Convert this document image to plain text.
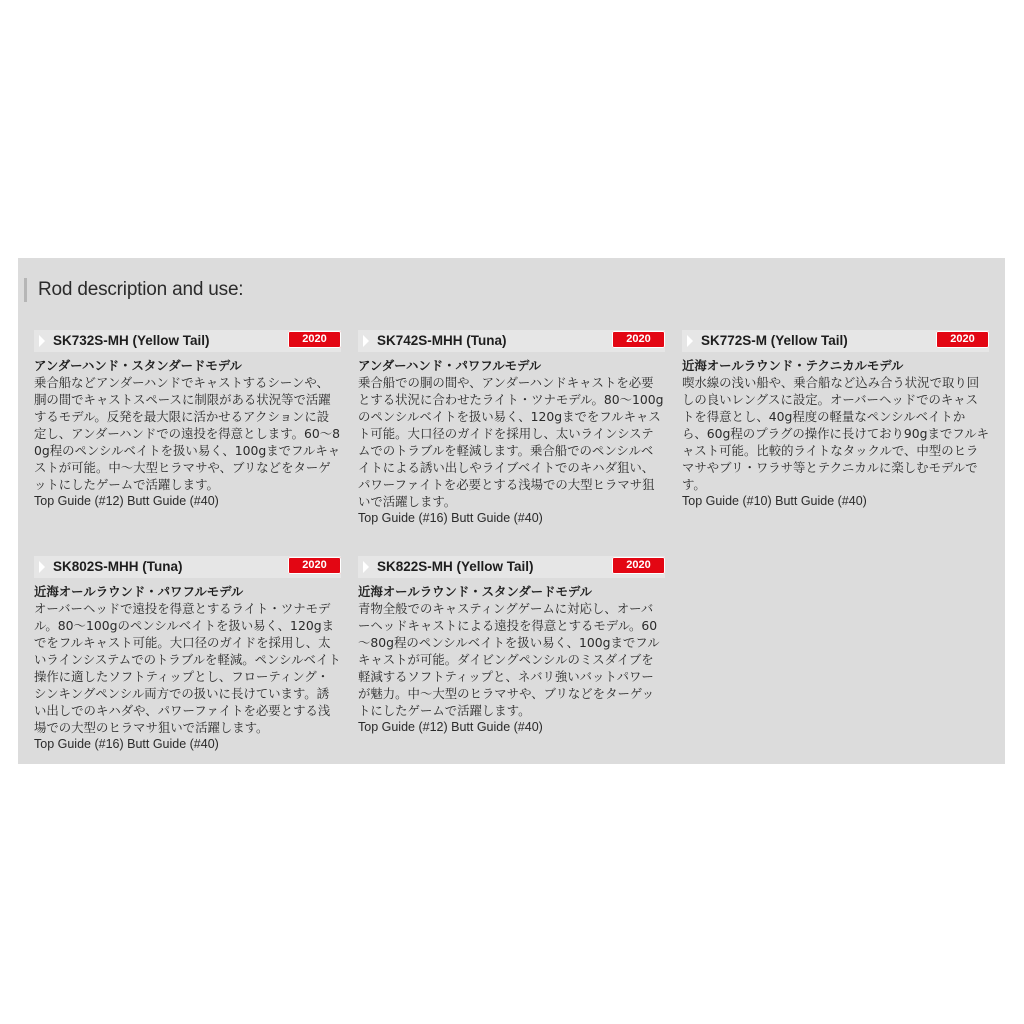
Rod description and use:
SK732S-MH (Yellow Tail)	2020
アンダーハンド・スタンダードモデル
乗合船などアンダーハンドでキャストするシーンや、胴の間でキャストスペースに制限がある状況等で活躍するモデル。反発を最大限に活かせるアクションに設定し、アンダーハンドでの遠投を得意とします。60～80g程のペンシルベイトを扱い易く、100gまでフルキャストが可能。中～大型ヒラマサや、ブリなどをターゲットにしたゲームで活躍します。
Top Guide (#12) Butt Guide (#40)
SK742S-MHH (Tuna)	2020
アンダーハンド・パワフルモデル
乗合船での胴の間や、アンダーハンドキャストを必要とする状況に合わせたライト・ツナモデル。80～100gのペンシルベイトを扱い易く、120gまでをフルキャスト可能。大口径のガイドを採用し、太いラインシステムでのトラブルを軽減します。乗合船でのペンシルベイトによる誘い出しやライブベイトでのキハダ狙い、パワーファイトを必要とする浅場での大型ヒラマサ狙いで活躍します。
Top Guide (#16) Butt Guide (#40)
SK772S-M (Yellow Tail)	2020
近海オールラウンド・テクニカルモデル
喫水線の浅い船や、乗合船など込み合う状況で取り回しの良いレングスに設定。オーバーヘッドでのキャストを得意とし、40g程度の軽量なペンシルベイトから、60g程のプラグの操作に長けており90gまでフルキャスト可能。比較的ライトなタックルで、中型のヒラマサやブリ・ワラサ等とテクニカルに楽しむモデルです。
Top Guide (#10) Butt Guide (#40)
SK802S-MHH (Tuna)	2020
近海オールラウンド・パワフルモデル
オーバーヘッドで遠投を得意とするライト・ツナモデル。80～100gのペンシルベイトを扱い易く、120gまでをフルキャスト可能。大口径のガイドを採用し、太いラインシステムでのトラブルを軽減。ペンシルベイト操作に適したソフトティップとし、フローティング・シンキングペンシル両方での扱いに長けています。誘い出しでのキハダや、パワーファイトを必要とする浅場での大型のヒラマサ狙いで活躍します。
Top Guide (#16) Butt Guide (#40)
SK822S-MH (Yellow Tail)	2020
近海オールラウンド・スタンダードモデル
青物全般でのキャスティングゲームに対応し、オーバーヘッドキャストによる遠投を得意とするモデル。60～80g程のペンシルベイトを扱い易く、100gまでフルキャストが可能。ダイビングペンシルのミスダイブを軽減するソフトティップと、ネバリ強いバットパワーが魅力。中～大型のヒラマサや、ブリなどをターゲットにしたゲームで活躍します。
Top Guide (#12) Butt Guide (#40)
